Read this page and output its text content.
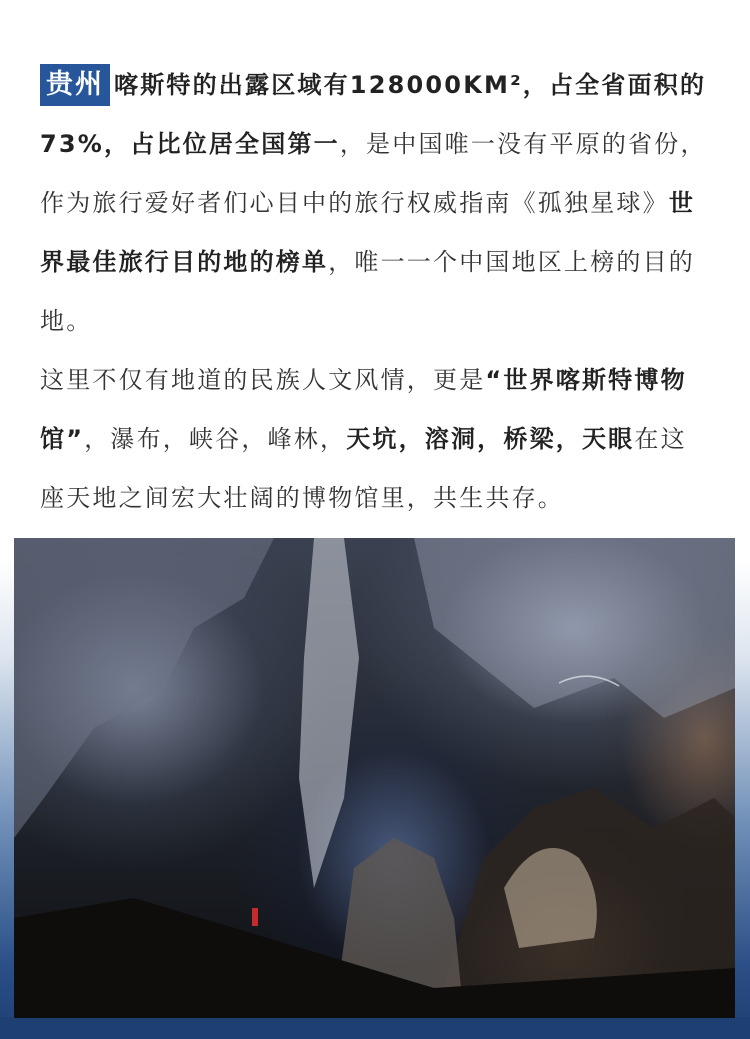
贵州 喀斯特的出露区域有128000KM²，占全省面积的73%，占比位居全国第一，是中国唯一没有平原的省份，作为旅行爱好者们心目中的旅行权威指南《孤独星球》世界最佳旅行目的地的榜单，唯一一个中国地区上榜的目的地。

这里不仅有地道的民族人文风情，更是“世界喀斯特博物馆”，瀑布，峡谷，峰林，天坑，溶洞，桥梁，天眼在这座天地之间宏大壮阔的博物馆里，共生共存。
